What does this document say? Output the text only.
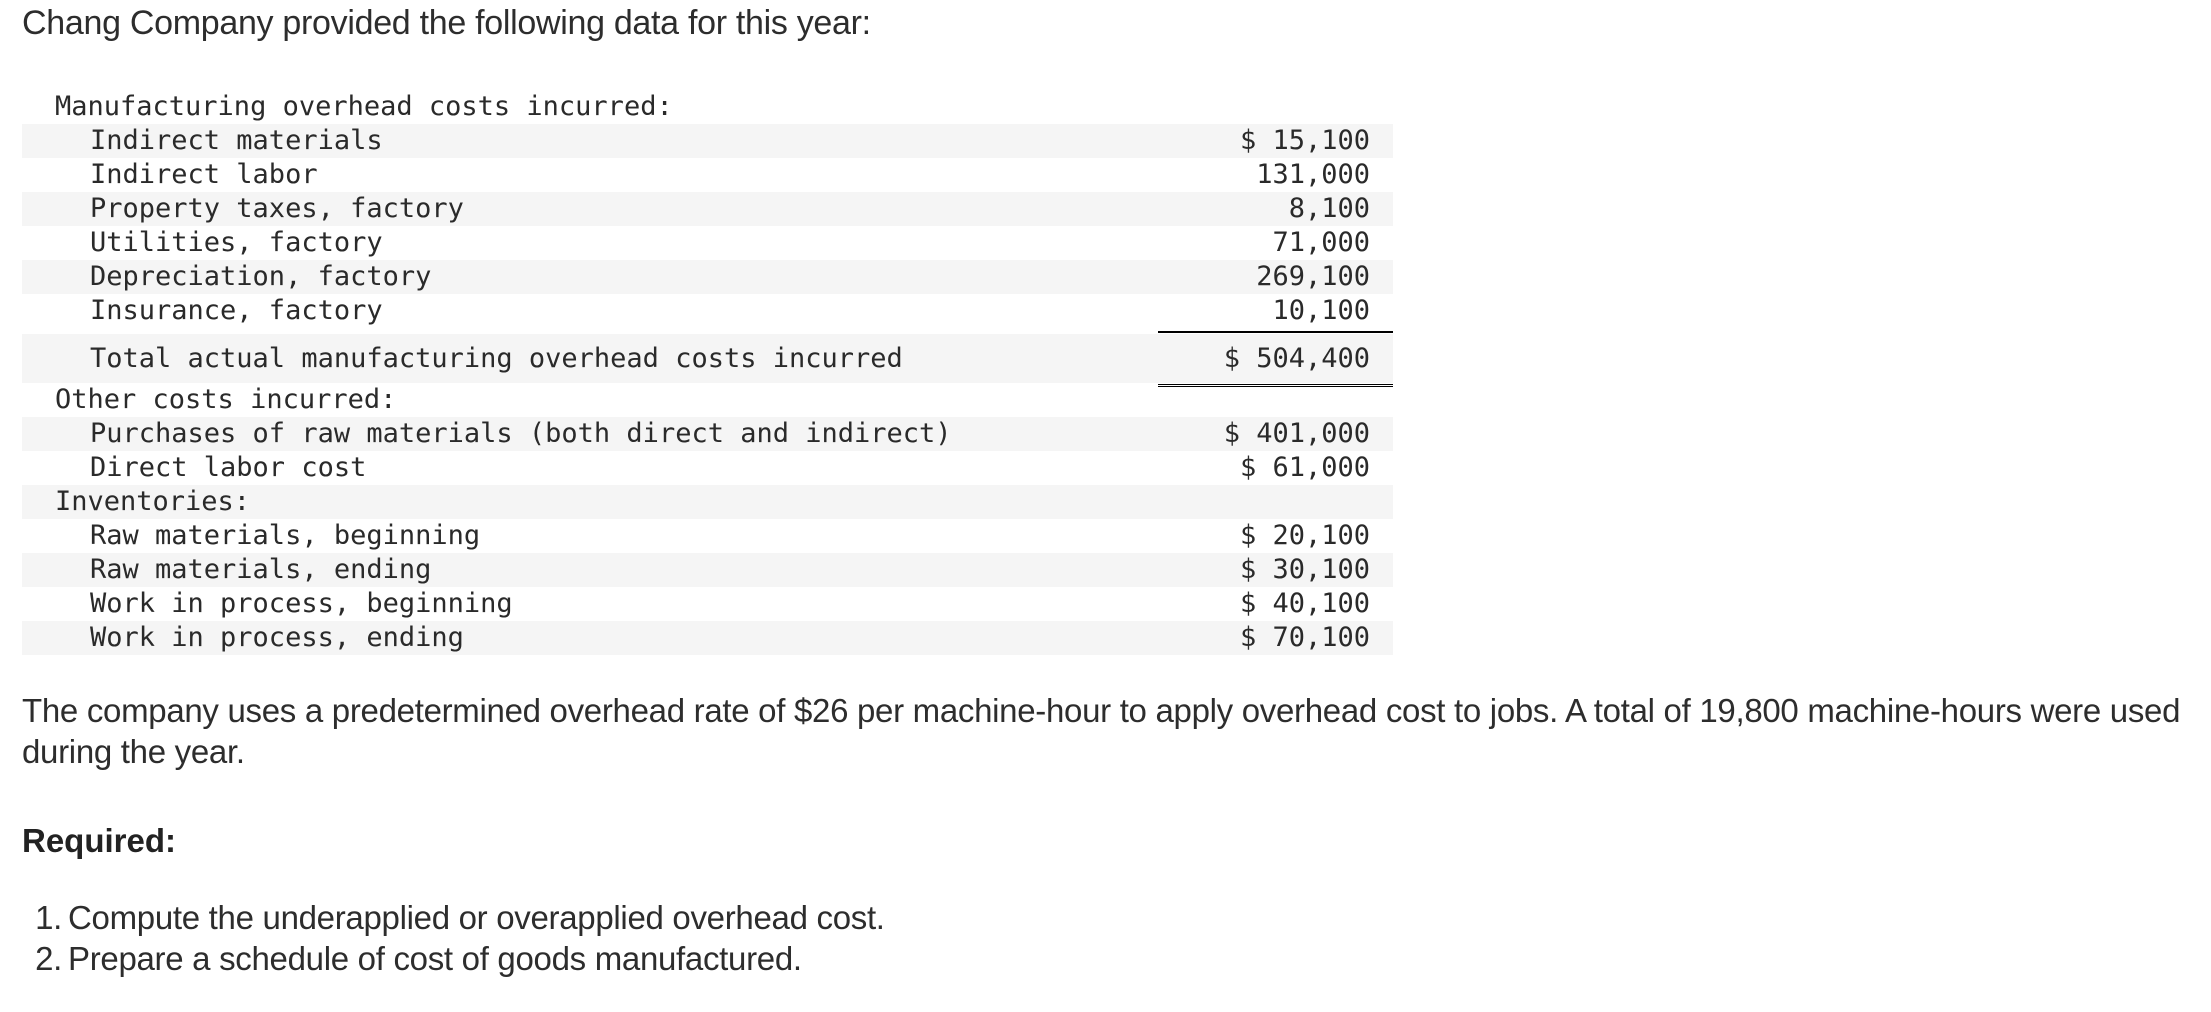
Chang Company provided the following data for this year:
Manufacturing overhead costs incurred:
Indirect materials	$ 15,100
Indirect labor	131,000
Property taxes, factory	8,100
Utilities, factory	71,000
Depreciation, factory	269,100
Insurance, factory	10,100
Total actual manufacturing overhead costs incurred	$ 504,400
Other costs incurred:
Purchases of raw materials (both direct and indirect)	$ 401,000
Direct labor cost	$ 61,000
Inventories:
Raw materials, beginning	$ 20,100
Raw materials, ending	$ 30,100
Work in process, beginning	$ 40,100
Work in process, ending	$ 70,100
The company uses a predetermined overhead rate of $26 per machine-hour to apply overhead cost to jobs. A total of 19,800 machine-hours were used during the year.
Required:
1. Compute the underapplied or overapplied overhead cost.
2. Prepare a schedule of cost of goods manufactured.
